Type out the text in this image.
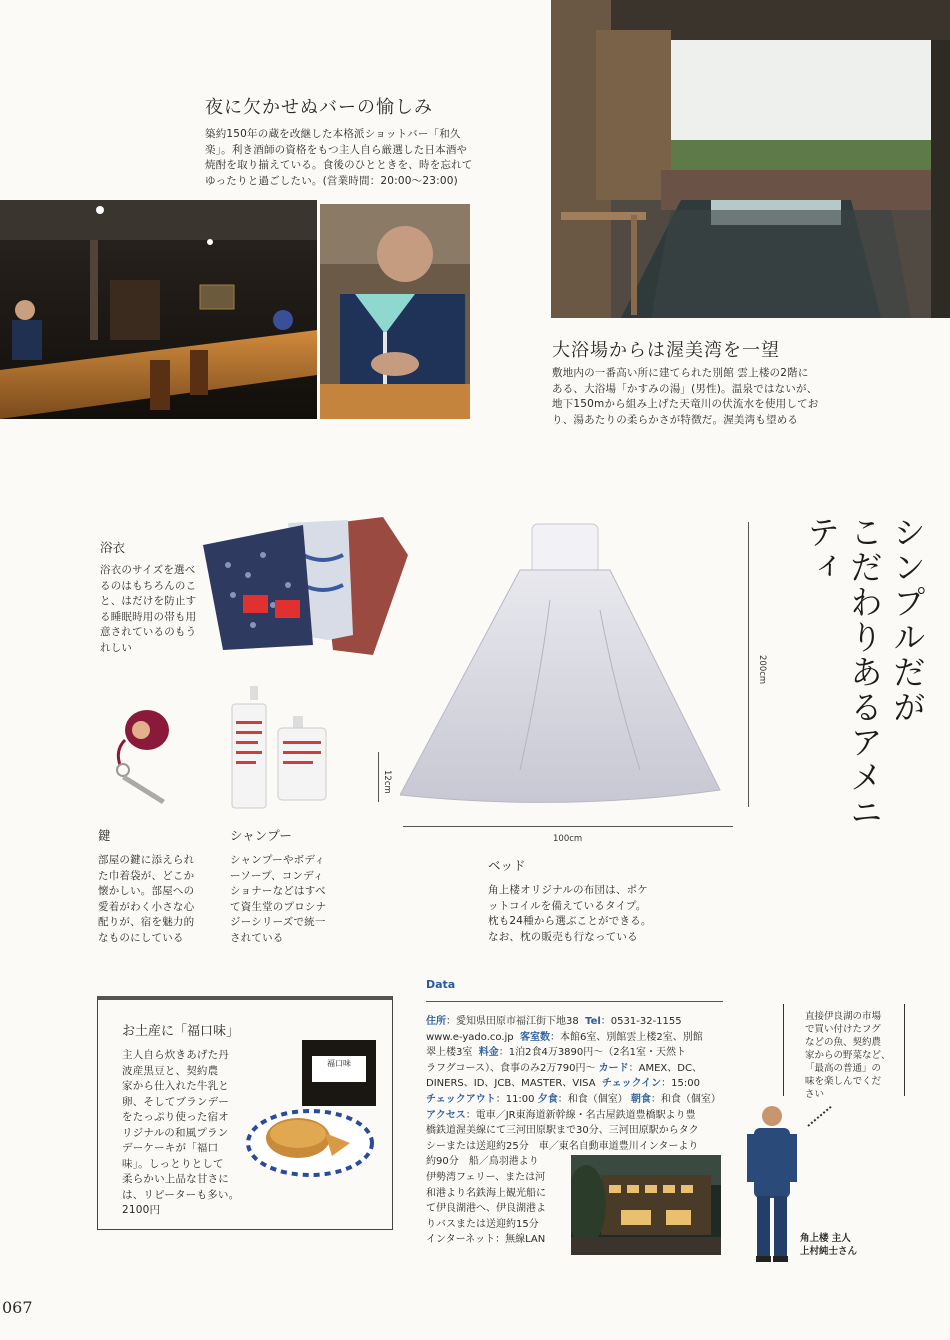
夜に欠かせぬバーの愉しみ
築約150年の蔵を改継した本格派ショットバー「和久
楽」。利き酒師の資格をもつ主人自ら厳選した日本酒や
焼酎を取り揃えている。食後のひとときを、時を忘れて
ゆったりと過ごしたい。(営業時間：20:00〜23:00)
大浴場からは渥美湾を一望
敷地内の一番高い所に建てられた別館 雲上楼の2階に
ある、大浴場「かすみの湯」(男性)。温泉ではないが、
地下150mから組み上げた天竜川の伏流水を使用してお
り、湯あたりの柔らかさが特徴だ。渥美湾も望める
シンプルだが
こだわりあるアメニティ
浴衣
浴衣のサイズを選べ
るのはもちろんのこ
と、はだけを防止す
る睡眠時用の帯も用
意されているのもう
れしい
200cm
100cm
12cm
ベッド
角上楼オリジナルの布団は、ポケ
ットコイルを備えているタイプ。
枕も24種から選ぶことができる。
なお、枕の販売も行なっている
鍵
部屋の鍵に添えられ
た巾着袋が、どこか
懐かしい。部屋への
愛着がわく小さな心
配りが、宿を魅力的
なものにしている
シャンプー
シャンプーやボディ
ーソープ、コンディ
ショナーなどはすべ
て資生堂のプロシナ
ジーシリーズで統一
されている
お土産に「福口味」
主人自ら炊きあげた丹
波産黒豆と、契約農
家から仕入れた牛乳と
卵、そしてブランデー
をたっぷり使った宿オ
リジナルの和風プラン
デーケーキが「福口
味」。しっとりとして
柔らかい上品な甘さに
は、リピーターも多い。
2100円
福口味
Data
住所：愛知県田原市福江街下地38 Tel：0531-32-1155
www.e-yado.co.jp 客室数：本館6室、別館雲上楼2室、別館
翠上楼3室 料金：1泊2食4万3890円〜（2名1室・天然ト
ラフグコース）、食事のみ2万790円〜 カード：AMEX、DC、
DINERS、ID、JCB、MASTER、VISA チェックイン：15:00
チェックアウト：11:00 夕食：和食（個室） 朝食：和食（個室）
アクセス：電車／JR東海道新幹線・名古屋鉄道豊橋駅より豊
橋鉄道渥美線にて三河田原駅まで30分、三河田原駅からタク
シーまたは送迎約25分　車／東名自動車道豊川インターより
約90分　船／鳥羽港より
伊勢湾フェリー、または河
和港より名鉄海上観光船に
て伊良湖港へ、伊良湖港よ
りバスまたは送迎約15分
インターネット：無線LAN
直接伊良湖の市場
で買い付けたフグ
などの魚、契約農
家からの野菜など、
「最高の普通」の
味を楽しんでくだ
さい
角上楼 主人
上村純士さん
067
